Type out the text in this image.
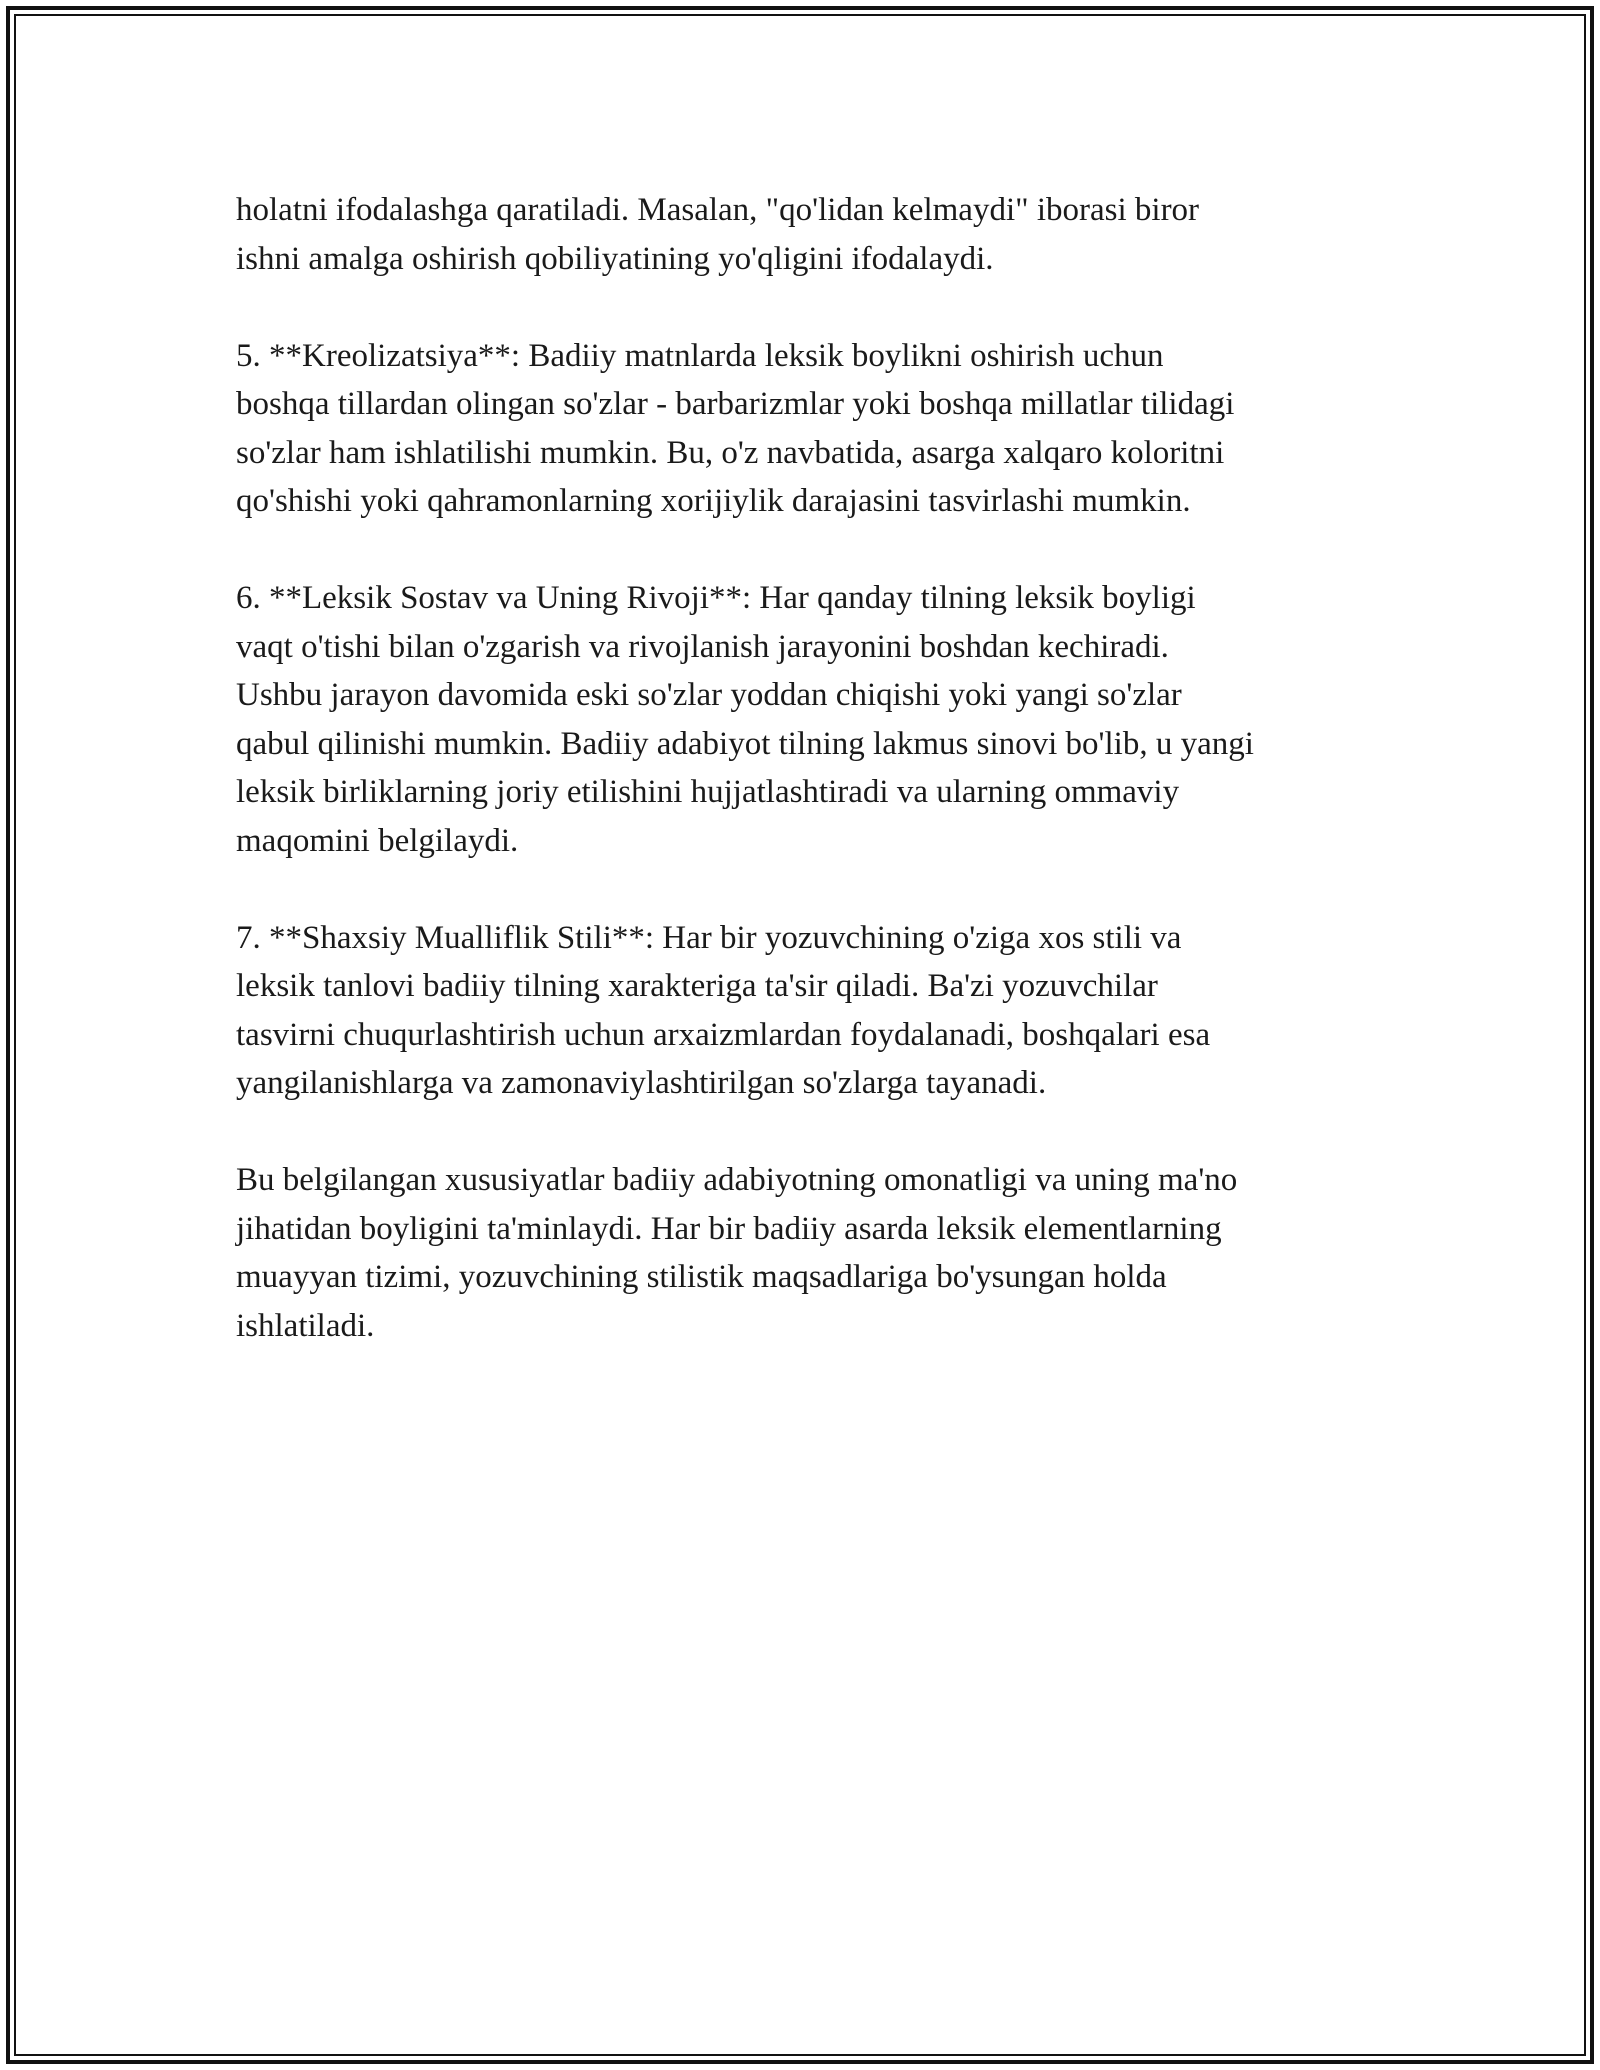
holatni ifodalashga qaratiladi. Masalan, "qo'lidan kelmaydi" iborasi biror
ishni amalga oshirish qobiliyatining yo'qligini ifodalaydi.

5. **Kreolizatsiya**: Badiiy matnlarda leksik boylikni oshirish uchun
boshqa tillardan olingan so'zlar - barbarizmlar yoki boshqa millatlar tilidagi
so'zlar ham ishlatilishi mumkin. Bu, o'z navbatida, asarga xalqaro koloritni
qo'shishi yoki qahramonlarning xorijiylik darajasini tasvirlashi mumkin.

6. **Leksik Sostav va Uning Rivoji**: Har qanday tilning leksik boyligi
vaqt o'tishi bilan o'zgarish va rivojlanish jarayonini boshdan kechiradi.
Ushbu jarayon davomida eski so'zlar yoddan chiqishi yoki yangi so'zlar
qabul qilinishi mumkin. Badiiy adabiyot tilning lakmus sinovi bo'lib, u yangi
leksik birliklarning joriy etilishini hujjatlashtiradi va ularning ommaviy
maqomini belgilaydi.

7. **Shaxsiy Mualliflik Stili**: Har bir yozuvchining o'ziga xos stili va
leksik tanlovi badiiy tilning xarakteriga ta'sir qiladi. Ba'zi yozuvchilar
tasvirni chuqurlashtirish uchun arxaizmlardan foydalanadi, boshqalari esa
yangilanishlarga va zamonaviylashtirilgan so'zlarga tayanadi.

Bu belgilangan xususiyatlar badiiy adabiyotning omonatligi va uning ma'no
jihatidan boyligini ta'minlaydi. Har bir badiiy asarda leksik elementlarning
muayyan tizimi, yozuvchining stilistik maqsadlariga bo'ysungan holda
ishlatiladi.
